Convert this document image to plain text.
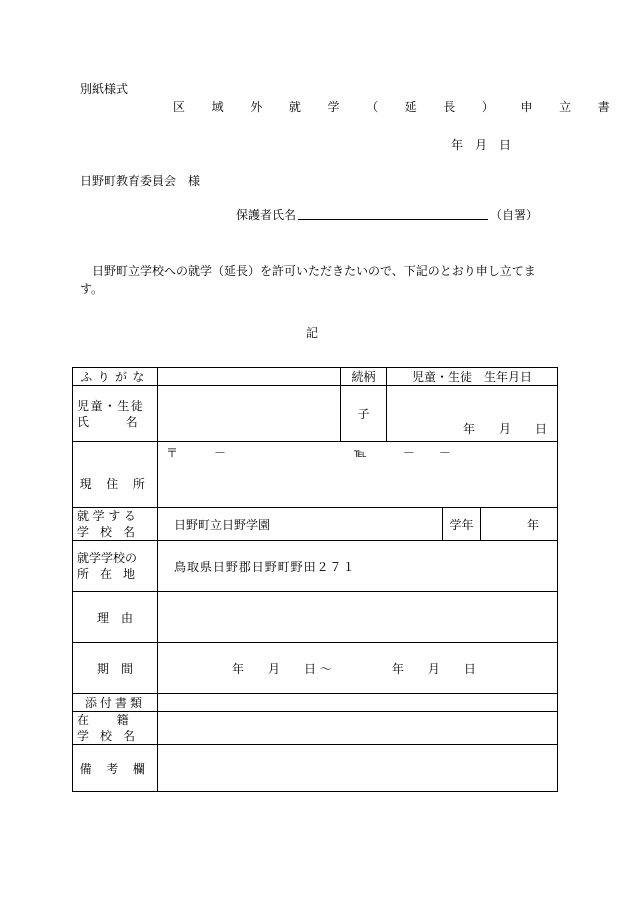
別紙様式
区 域 外 就 学 （ 延 長 ） 申 立 書
年　月　日
日野町教育委員会　様
保護者氏名	（自署）
日野町立学校への就学（延長）を許可いただきたいので、下記のとおり申し立てます。
記
ふりがな		続柄	児童・生徒　生年月日		

児童・生徒
氏　　名		子	年　　月　　日		
現 住 所	〒　　　－ ℡　　　－　　－				

就学する
学 校 名	日野町立日野学園			学年	年

就学学校の
所 在 地	鳥取県日野郡日野町野田２７１				
理　由					
期　間	年　　月　　日 ～　　　　　年　　月　　日				
添付書類					

在　　籍
学 校 名					

備 考 欄					
